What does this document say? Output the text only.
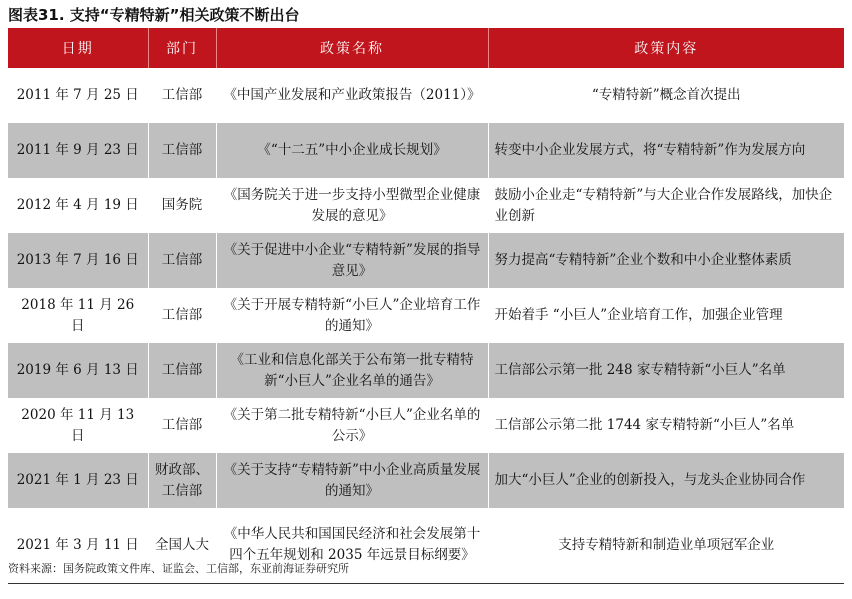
图表31. 支持“专精特新”相关政策不断出台
日期	部门	政策名称	政策内容
2011 年 7 月 25 日	工信部	《中国产业发展和产业政策报告（2011）》	“专精特新”概念首次提出
2011 年 9 月 23 日	工信部	《“十二五”中小企业成长规划》	转变中小企业发展方式，将“专精特新”作为发展方向
2012 年 4 月 19 日	国务院	《国务院关于进一步支持小型微型企业健康发展的意见》	鼓励小企业走“专精特新”与大企业合作发展路线，加快企业创新
2013 年 7 月 16 日	工信部	《关于促进中小企业“专精特新”发展的指导意见》	努力提高“专精特新”企业个数和中小企业整体素质
2018 年 11 月 26 日	工信部	《关于开展专精特新“小巨人”企业培育工作的通知》	开始着手 “小巨人”企业培育工作，加强企业管理
2019 年 6 月 13 日	工信部	《工业和信息化部关于公布第一批专精特新“小巨人”企业名单的通告》	工信部公示第一批 248 家专精特新“小巨人”名单
2020 年 11 月 13 日	工信部	《关于第二批专精特新“小巨人”企业名单的公示》	工信部公示第二批 1744 家专精特新“小巨人”名单
2021 年 1 月 23 日	财政部、工信部	《关于支持“专精特新”中小企业高质量发展的通知》	加大“小巨人”企业的创新投入，与龙头企业协同合作
2021 年 3 月 11 日	全国人大	《中华人民共和国国民经济和社会发展第十四个五年规划和 2035 年远景目标纲要》	支持专精特新和制造业单项冠军企业
资料来源：国务院政策文件库、证监会、工信部，东亚前海证券研究所
